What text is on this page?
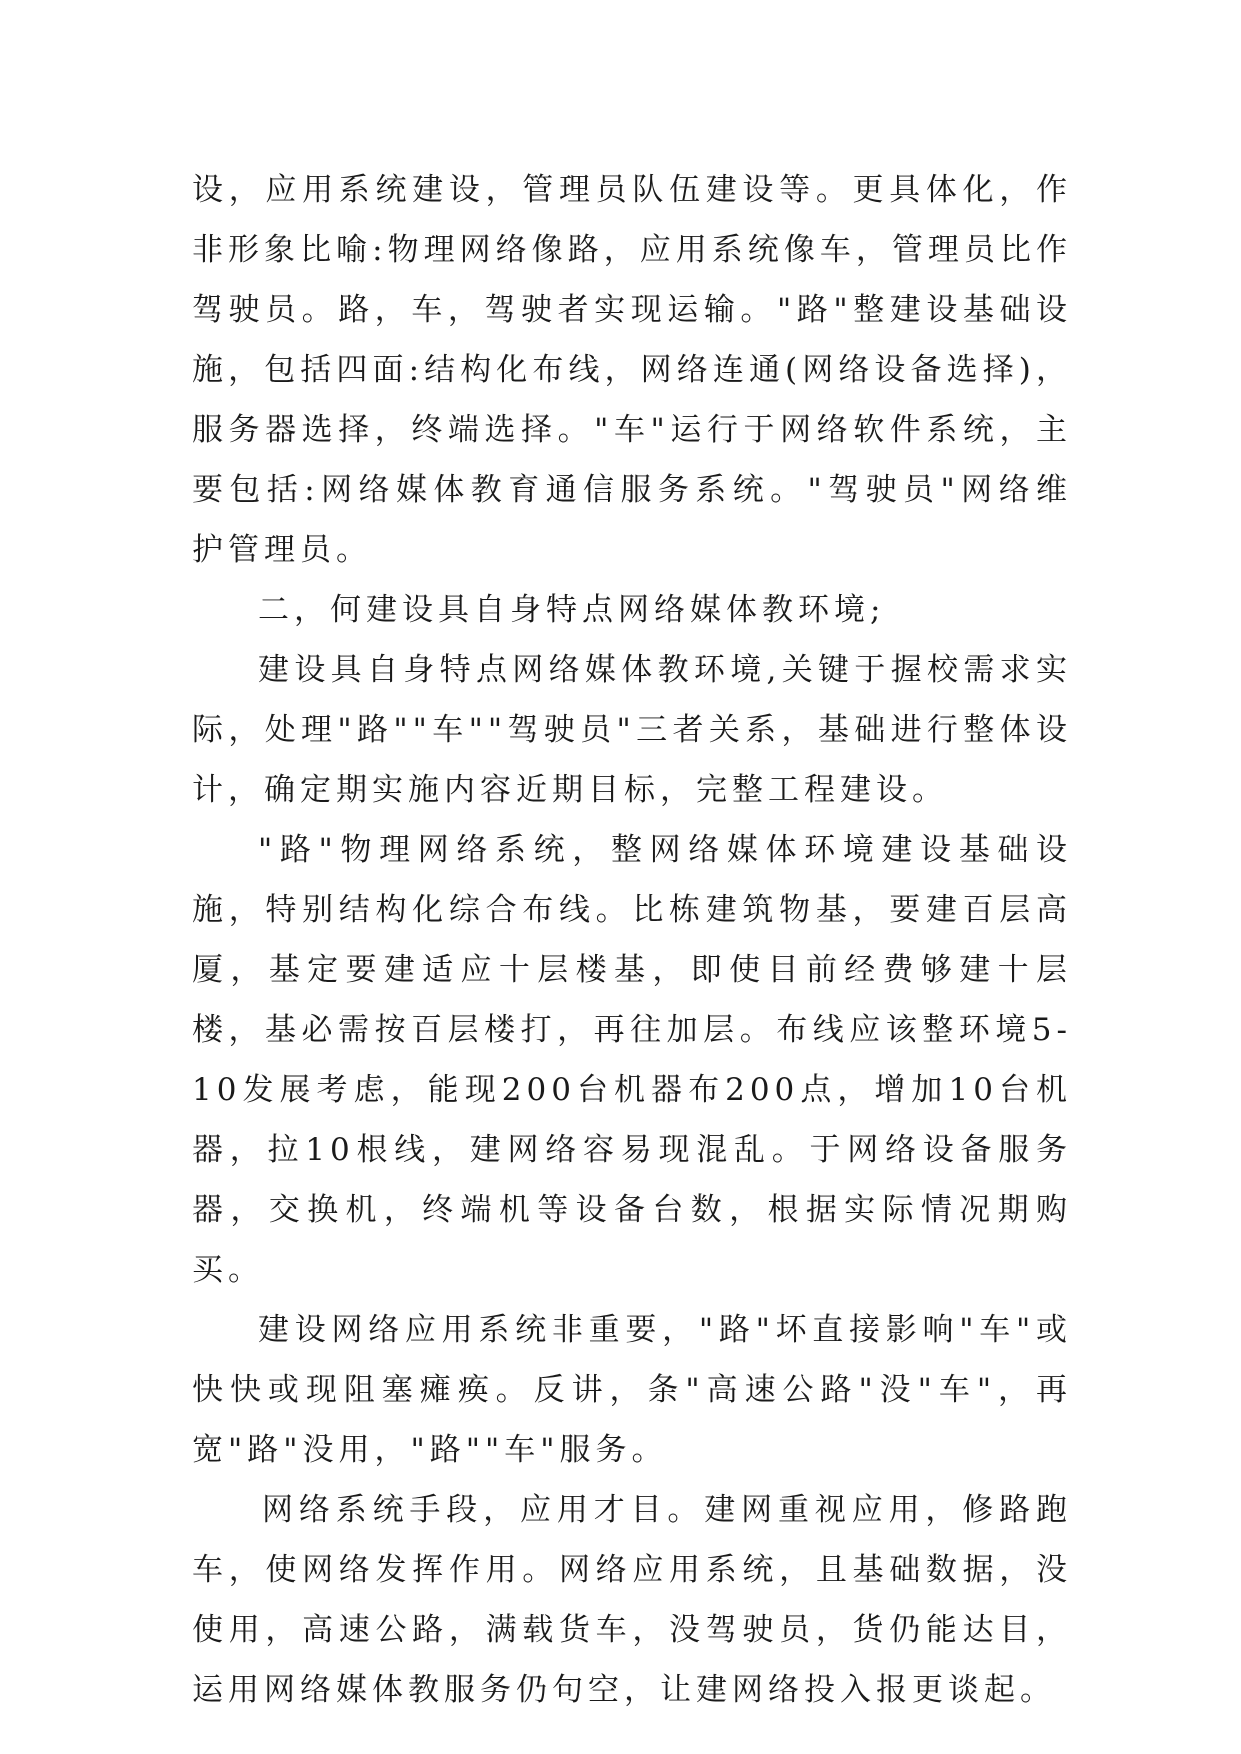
设，应用系统建设，管理员队伍建设等。更具体化，作非形象比喻:物理网络像路，应用系统像车，管理员比作驾驶员。路，车，驾驶者实现运输。"路"整建设基础设施，包括四面:结构化布线，网络连通(网络设备选择)，服务器选择，终端选择。"车"运行于网络软件系统，主要包括:网络媒体教育通信服务系统。"驾驶员"网络维护管理员。

二，何建设具自身特点网络媒体教环境;

建设具自身特点网络媒体教环境,关键于握校需求实际，处理"路""车""驾驶员"三者关系，基础进行整体设计，确定期实施内容近期目标，完整工程建设。

"路"物理网络系统，整网络媒体环境建设基础设施，特别结构化综合布线。比栋建筑物基，要建百层高厦，基定要建适应十层楼基，即使目前经费够建十层楼，基必需按百层楼打，再往加层。布线应该整环境5-10发展考虑，能现200台机器布200点，增加10台机器，拉10根线，建网络容易现混乱。于网络设备服务器，交换机，终端机等设备台数，根据实际情况期购买。

建设网络应用系统非重要，"路"坏直接影响"车"或快快或现阻塞瘫痪。反讲，条"高速公路"没"车"，再宽"路"没用，"路""车"服务。

网络系统手段，应用才目。建网重视应用，修路跑车，使网络发挥作用。网络应用系统，且基础数据，没使用，高速公路，满载货车，没驾驶员，货仍能达目，运用网络媒体教服务仍句空，让建网络投入报更谈起。
